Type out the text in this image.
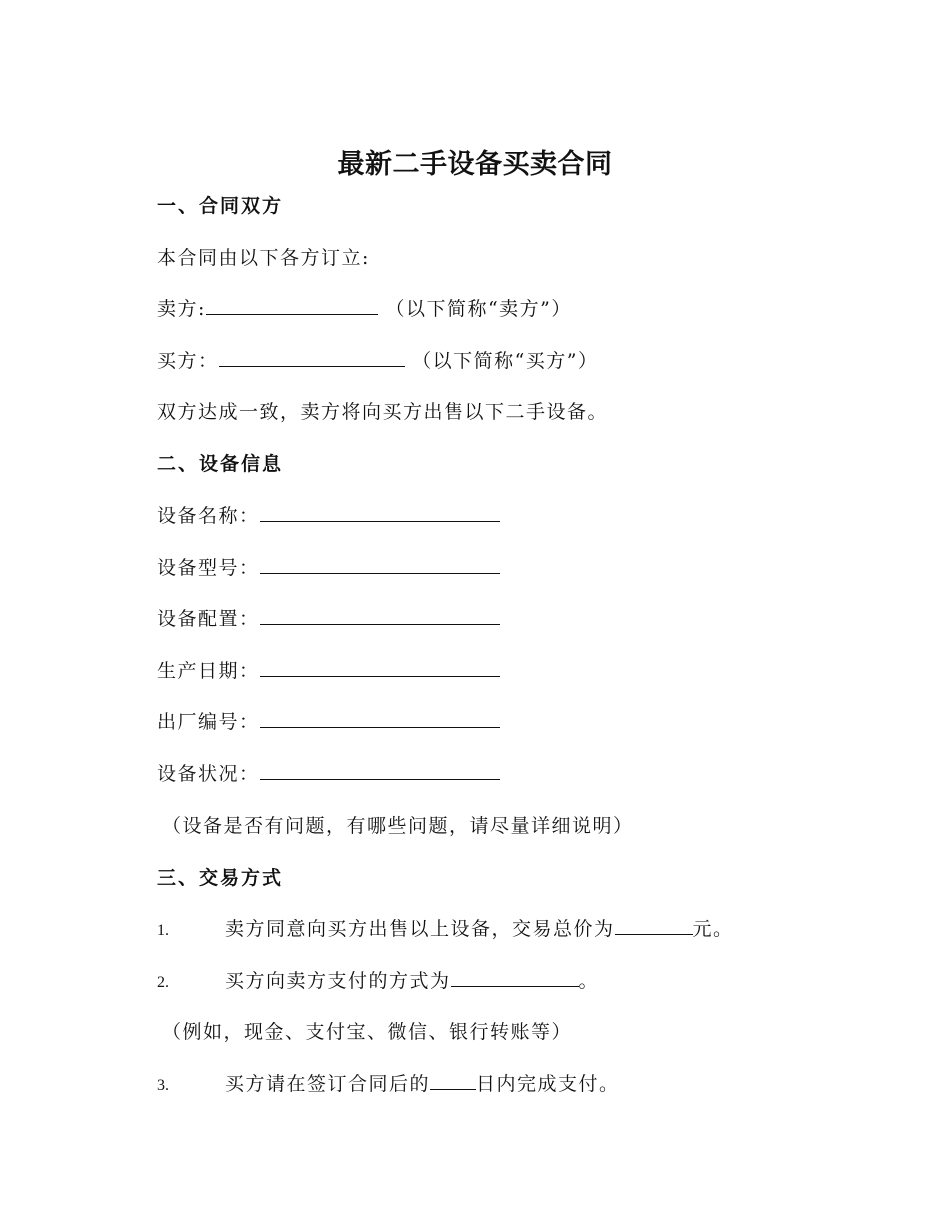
最新二手设备买卖合同
一、合同双方
本合同由以下各方订立:
卖方:	（以下简称“卖方”）
买方：	（以下简称“买方”）
双方达成一致，卖方将向买方出售以下二手设备。
二、设备信息
设备名称：
设备型号：
设备配置：
生产日期：
出厂编号：
设备状况：
（设备是否有问题，有哪些问题，请尽量详细说明）
三、交易方式
1.	卖方同意向买方出售以上设备，交易总价为	元。
2.	买方向卖方支付的方式为	。
（例如，现金、支付宝、微信、银行转账等）
3.	买方请在签订合同后的 日内完成支付。
